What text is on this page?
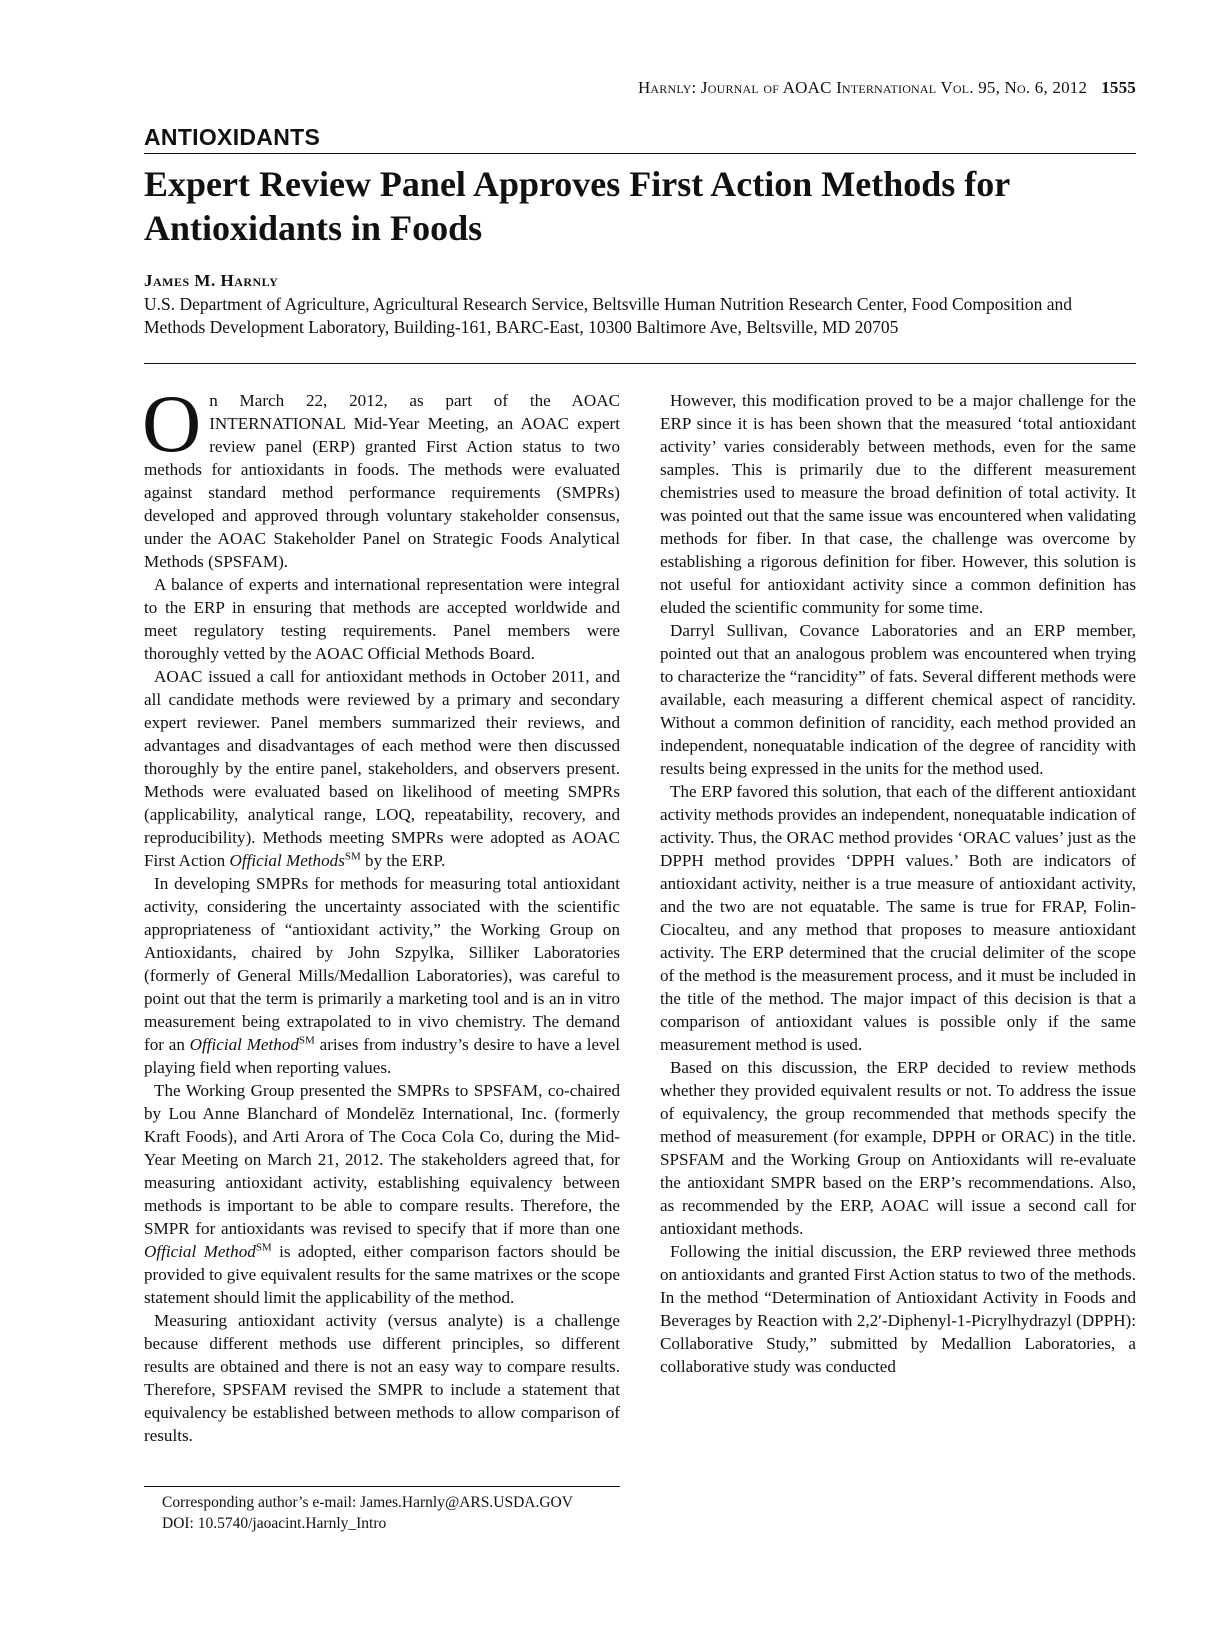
Harnly: Journal of AOAC International Vol. 95, No. 6, 2012 1555
ANTIOXIDANTS
Expert Review Panel Approves First Action Methods for Antioxidants in Foods
James M. Harnly

U.S. Department of Agriculture, Agricultural Research Service, Beltsville Human Nutrition Research Center, Food Composition and Methods Development Laboratory, Building-161, BARC-East, 10300 Baltimore Ave, Beltsville, MD 20705

On March 22, 2012, as part of the AOAC INTERNATIONAL Mid-Year Meeting, an AOAC expert review panel (ERP) granted First Action status to two methods for antioxidants in foods. The methods were evaluated against standard method performance requirements (SMPRs) developed and approved through voluntary stakeholder consensus, under the AOAC Stakeholder Panel on Strategic Foods Analytical Methods (SPSFAM).

A balance of experts and international representation were integral to the ERP in ensuring that methods are accepted worldwide and meet regulatory testing requirements. Panel members were thoroughly vetted by the AOAC Official Methods Board.

AOAC issued a call for antioxidant methods in October 2011, and all candidate methods were reviewed by a primary and secondary expert reviewer. Panel members summarized their reviews, and advantages and disadvantages of each method were then discussed thoroughly by the entire panel, stakeholders, and observers present. Methods were evaluated based on likelihood of meeting SMPRs (applicability, analytical range, LOQ, repeatability, recovery, and reproducibility). Methods meeting SMPRs were adopted as AOAC First Action Official Methods℠ by the ERP.

In developing SMPRs for methods for measuring total antioxidant activity, considering the uncertainty associated with the scientific appropriateness of “antioxidant activity,” the Working Group on Antioxidants, chaired by John Szpylka, Silliker Laboratories (formerly of General Mills/Medallion Laboratories), was careful to point out that the term is primarily a marketing tool and is an in vitro measurement being extrapolated to in vivo chemistry. The demand for an Official Method℠ arises from industry’s desire to have a level playing field when reporting values.

The Working Group presented the SMPRs to SPSFAM, co-chaired by Lou Anne Blanchard of Mondelēz International, Inc. (formerly Kraft Foods), and Arti Arora of The Coca Cola Co, during the Mid-Year Meeting on March 21, 2012. The stakeholders agreed that, for measuring antioxidant activity, establishing equivalency between methods is important to be able to compare results. Therefore, the SMPR for antioxidants was revised to specify that if more than one Official Method℠ is adopted, either comparison factors should be provided to give equivalent results for the same matrixes or the scope statement should limit the applicability of the method.

Measuring antioxidant activity (versus analyte) is a challenge because different methods use different principles, so different results are obtained and there is not an easy way to compare results. Therefore, SPSFAM revised the SMPR to include a statement that equivalency be established between methods to allow comparison of results.

However, this modification proved to be a major challenge for the ERP since it is has been shown that the measured ‘total antioxidant activity’ varies considerably between methods, even for the same samples. This is primarily due to the different measurement chemistries used to measure the broad definition of total activity. It was pointed out that the same issue was encountered when validating methods for fiber. In that case, the challenge was overcome by establishing a rigorous definition for fiber. However, this solution is not useful for antioxidant activity since a common definition has eluded the scientific community for some time.

Darryl Sullivan, Covance Laboratories and an ERP member, pointed out that an analogous problem was encountered when trying to characterize the “rancidity” of fats. Several different methods were available, each measuring a different chemical aspect of rancidity. Without a common definition of rancidity, each method provided an independent, nonequatable indication of the degree of rancidity with results being expressed in the units for the method used.

The ERP favored this solution, that each of the different antioxidant activity methods provides an independent, nonequatable indication of activity. Thus, the ORAC method provides ‘ORAC values’ just as the DPPH method provides ‘DPPH values.’ Both are indicators of antioxidant activity, neither is a true measure of antioxidant activity, and the two are not equatable. The same is true for FRAP, Folin-Ciocalteu, and any method that proposes to measure antioxidant activity. The ERP determined that the crucial delimiter of the scope of the method is the measurement process, and it must be included in the title of the method. The major impact of this decision is that a comparison of antioxidant values is possible only if the same measurement method is used.

Based on this discussion, the ERP decided to review methods whether they provided equivalent results or not. To address the issue of equivalency, the group recommended that methods specify the method of measurement (for example, DPPH or ORAC) in the title. SPSFAM and the Working Group on Antioxidants will re-evaluate the antioxidant SMPR based on the ERP’s recommendations. Also, as recommended by the ERP, AOAC will issue a second call for antioxidant methods.

Following the initial discussion, the ERP reviewed three methods on antioxidants and granted First Action status to two of the methods. In the method “Determination of Antioxidant Activity in Foods and Beverages by Reaction with 2,2′-Diphenyl-1-Picrylhydrazyl (DPPH): Collaborative Study,” submitted by Medallion Laboratories, a collaborative study was conducted

Corresponding author’s e-mail: James.Harnly@ARS.USDA.GOV
DOI: 10.5740/jaoacint.Harnly_Intro
